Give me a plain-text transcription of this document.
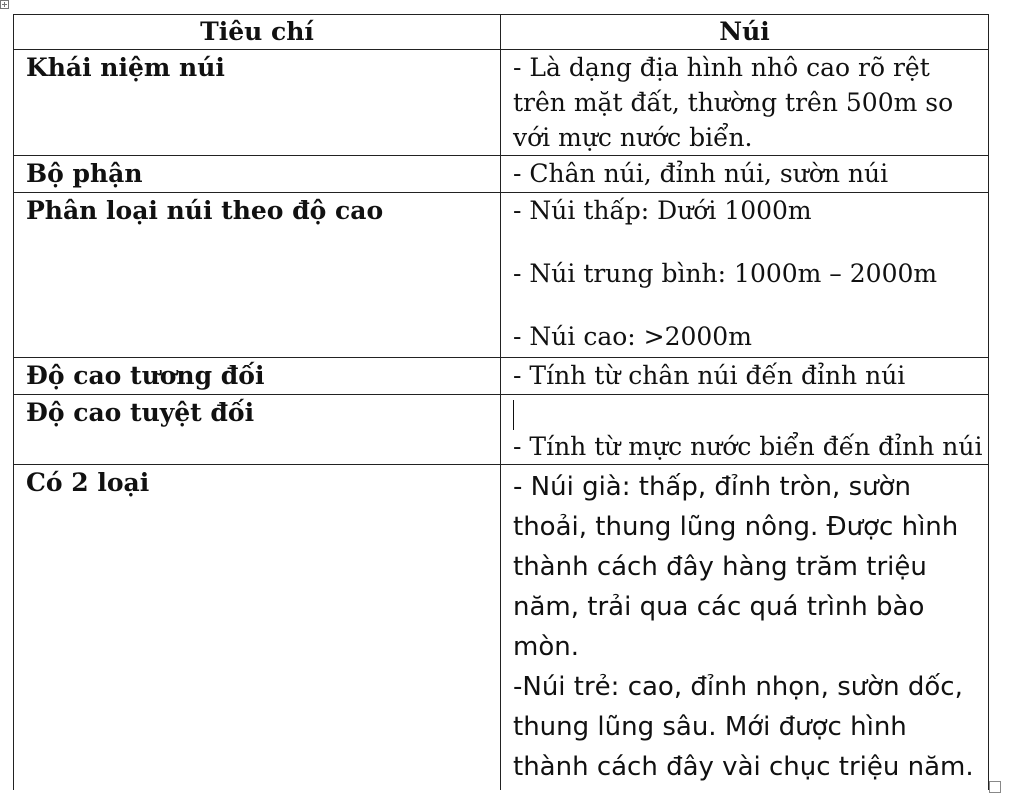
Tiêu chí	Núi
Khái niệm núi	- Là dạng địa hình nhô cao rõ rệt trên mặt đất, thường trên 500m so với mực nước biển.
Bộ phận	- Chân núi, đỉnh núi, sườn núi
Phân loại núi theo độ cao	- Núi thấp: Dưới 1000m
- Núi trung bình: 1000m – 2000m
- Núi cao: >2000m

Độ cao tương đối	- Tính từ chân núi đến đỉnh núi
Độ cao tuyệt đối	- Tính từ mực nước biển đến đỉnh núi

Có 2 loại	- Núi già: thấp, đỉnh tròn, sườn thoải, thung lũng nông. Được hình thành cách đây hàng trăm triệu năm, trải qua các quá trình bào mòn.
-Núi trẻ: cao, đỉnh nhọn, sườn dốc, thung lũng sâu. Mới được hình thành cách đây vài chục triệu năm.
